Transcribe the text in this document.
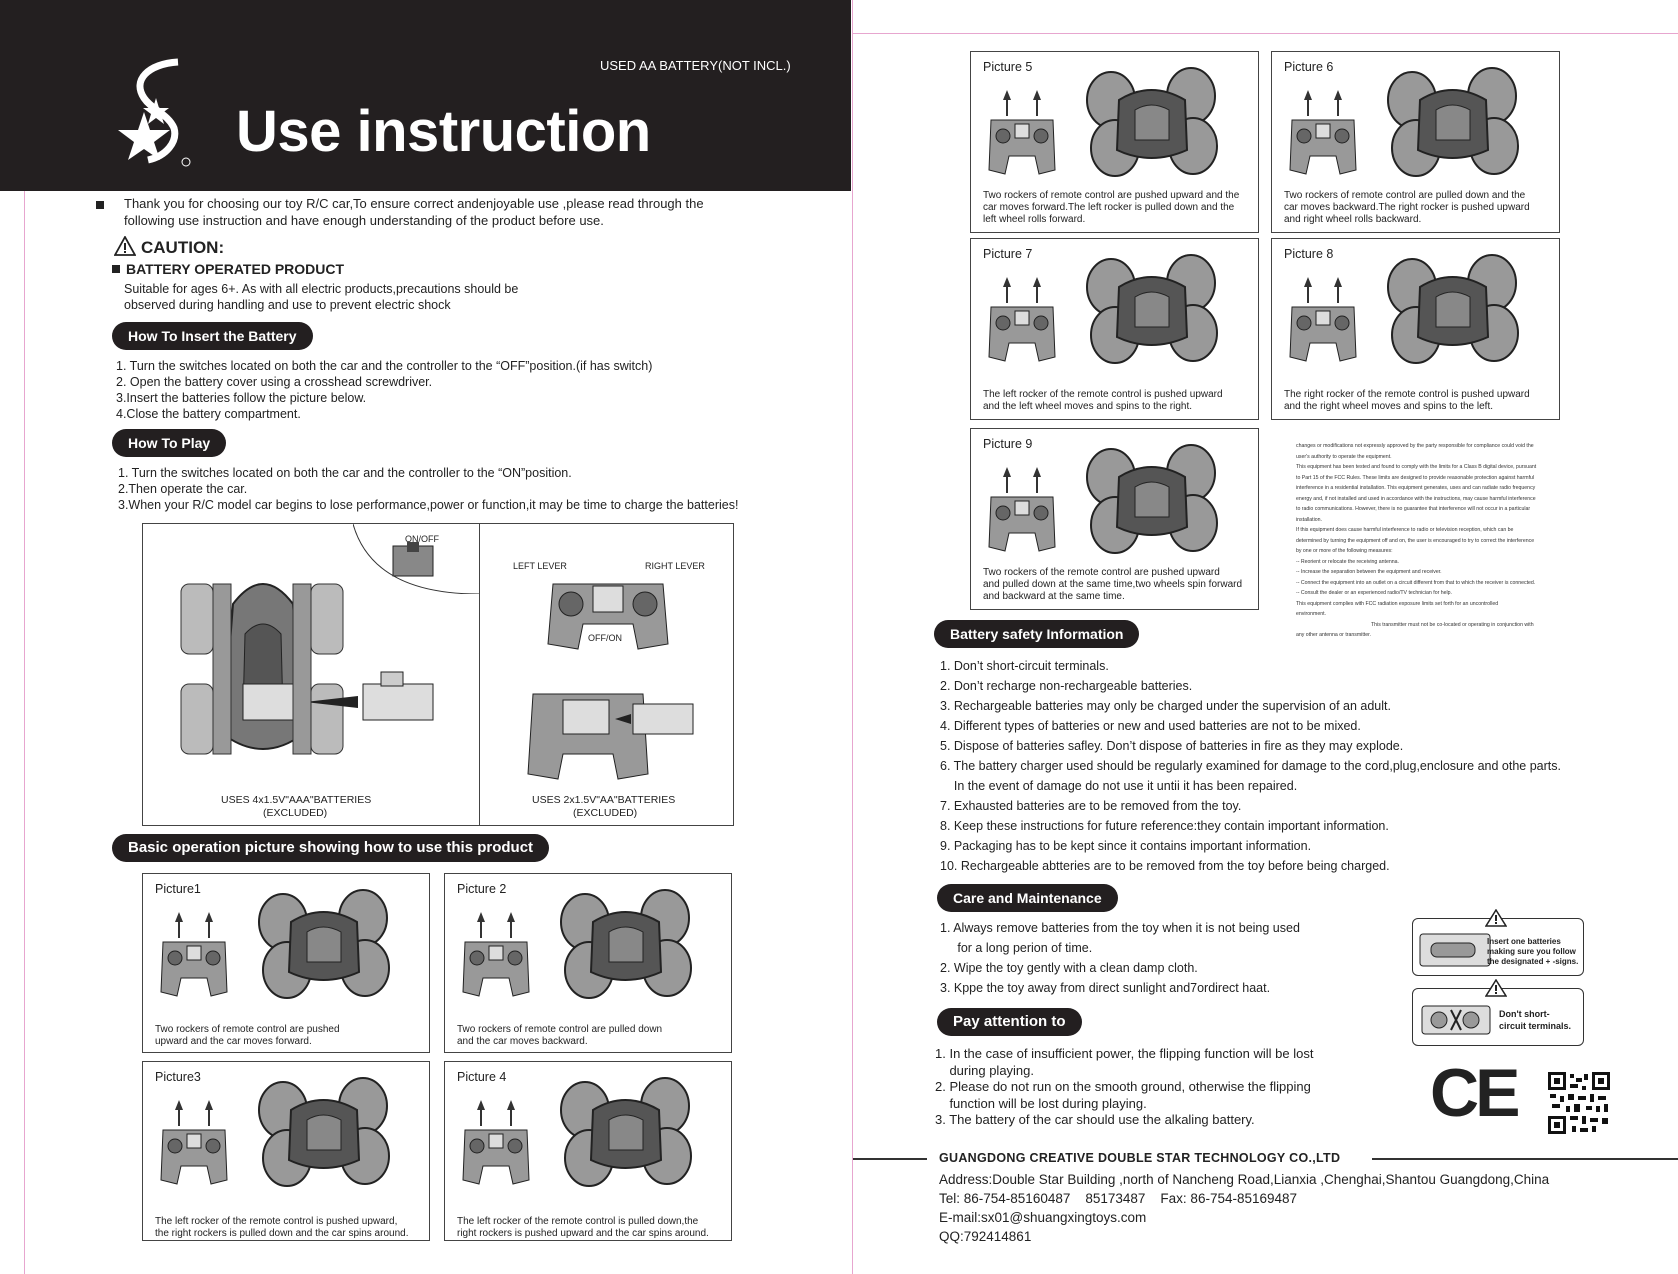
USED AA BATTERY(NOT INCL.)
Use instruction
Thank you for choosing our toy R/C car,To ensure correct andenjoyable use ,please read through the
following use instruction and have enough understanding of the product before use.
CAUTION:
BATTERY OPERATED PRODUCT
Suitable for ages 6+. As with all electric products,precautions should be
observed during handling and use to prevent electric shock
How To Insert the Battery
1. Turn the switches located on both the car and the controller to the “OFF”position.(if has switch)
2. Open the battery cover using a crosshead screwdriver.
3.Insert the batteries follow the picture below.
4.Close the battery compartment.
How To Play
1. Turn the switches located on both the car and the controller to the “ON”position.
2.Then operate the car.
3.When your R/C model car begins to lose performance,power or function,it may be time to charge the batteries!
ON/OFF
LEFT LEVER	RIGHT LEVER
OFF/ON
USES 4x1.5V"AAA"BATTERIES
(EXCLUDED)
USES 2x1.5V"AA"BATTERIES
(EXCLUDED)
Basic operation picture showing how to use this product
Picture1
Two rockers of remote control are pushed
upward and the car moves forward.
Picture 2
Two rockers of remote control are pulled down
and the car moves backward.
Picture3
The left rocker of the remote control is pushed upward,
the right rockers is pulled down and the car spins around.
Picture 4
The left rocker of the remote control is pulled down,the
right rockers is pushed upward and the car spins around.
Picture 5
Two rockers of remote control are pushed upward and the
car moves forward.The left rocker is pulled down and the
left wheel rolls forward.
Picture 6
Two rockers of remote control are pulled down and the
car moves backward.The right rocker is pushed upward
and right wheel rolls backward.
Picture 7
The left rocker of the remote control is pushed upward
and the left wheel moves and spins to the right.
Picture 8
The right rocker of the remote control is pushed upward
and the right wheel moves and spins to the left.
Picture 9
Two rockers of the remote control are pushed upward
and pulled down at the same time,two wheels spin forward
and backward at the same time.
changes or modifications not expressly approved by the party responsible for compliance could void the
user's authority to operate the equipment.
This equipment has been tested and found to comply with the limits for a Class B digital device, pursuant
to Part 15 of the FCC Rules. These limits are designed to provide reasonable protection against harmful
interference in a residential installation. This equipment generates, uses and can radiate radio frequency
energy and, if not installed and used in accordance with the instructions, may cause harmful interference
to radio communications. However, there is no guarantee that interference will not occur in a particular
installation.
If this equipment does cause harmful interference to radio or television reception, which can be
determined by turning the equipment off and on, the user is encouraged to try to correct the interference
by one or more of the following measures:
-- Reorient or relocate the receiving antenna.
-- Increase the separation between the equipment and receiver.
-- Connect the equipment into an outlet on a circuit different from that to which the receiver is connected.
-- Consult the dealer or an experienced radio/TV technician for help.
This equipment complies with FCC radiation exposure limits set forth for an uncontrolled
environment.
This transmitter must not be co-located or operating in conjunction with
any other antenna or transmitter.
Battery safety Information
1. Don’t short-circuit terminals.
2. Don’t recharge non-rechargeable batteries.
3. Rechargeable batteries may only be charged under the supervision of an adult.
4. Different types of batteries or new and used batteries are not to be mixed.
5. Dispose of batteries safley. Don’t dispose of batteries in fire as they may explode.
6. The battery charger used should be regularly examined for damage to the cord,plug,enclosure and othe parts.
In the event of damage do not use it untii it has been repaired.
7. Exhausted batteries are to be removed from the toy.
8. Keep these instructions for future reference:they contain important information.
9. Packaging has to be kept since it contains important information.
10. Rechargeable abtteries are to be removed from the toy before being charged.
Care and Maintenance
1. Always remove batteries from the toy when it is not being used
for a long perion of time.
2. Wipe the toy gently with a clean damp cloth.
3. Kppe the toy away from direct sunlight and7ordirect haat.
Insert one batteries
making sure you follow
the designated + -signs.
Don't short-
circuit terminals.
Pay attention to
1. In the case of insufficient power, the flipping function will be lost
during playing.
2. Please do not run on the smooth ground, otherwise the flipping
function will be lost during playing.
3. The battery of the car should use the alkaling battery.	CE
GUANGDONG CREATIVE DOUBLE STAR TECHNOLOGY CO.,LTD
Address:Double Star Building ,north of Nancheng Road,Lianxia ,Chenghai,Shantou Guangdong,China
Tel: 86-754-85160487    85173487    Fax: 86-754-85169487
E-mail:sx01@shuangxingtoys.com
QQ:792414861
